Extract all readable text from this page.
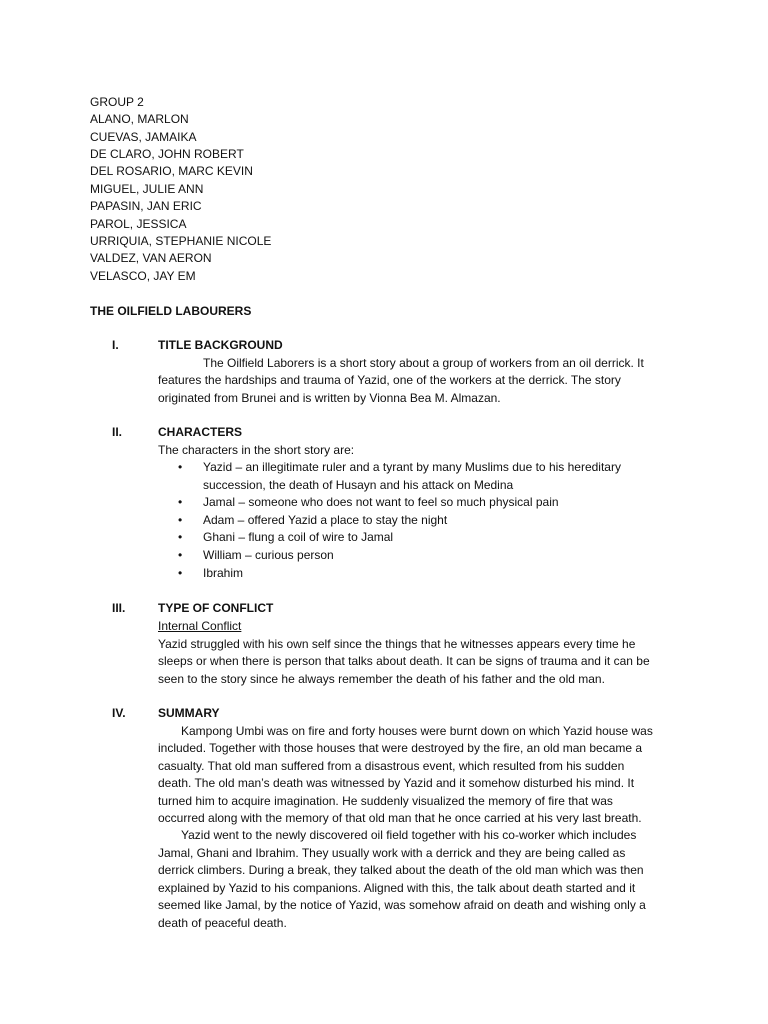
GROUP 2
ALANO, MARLON
CUEVAS, JAMAIKA
DE CLARO, JOHN ROBERT
DEL ROSARIO, MARC KEVIN
MIGUEL, JULIE ANN
PAPASIN, JAN ERIC
PAROL, JESSICA
URRIQUIA, STEPHANIE NICOLE
VALDEZ, VAN AERON
VELASCO, JAY EM
THE OILFIELD LABOURERS
I.	TITLE BACKGROUND
The Oilfield Laborers is a short story about a group of workers from an oil derrick. It
features the hardships and trauma of Yazid, one of the workers at the derrick. The story
originated from Brunei and is written by Vionna Bea M. Almazan.
II.	CHARACTERS
The characters in the short story are:
• Yazid – an illegitimate ruler and a tyrant by many Muslims due to his hereditary
succession, the death of Husayn and his attack on Medina
• Jamal – someone who does not want to feel so much physical pain
• Adam – offered Yazid a place to stay the night
• Ghani – flung a coil of wire to Jamal
• William – curious person
• Ibrahim
III.	TYPE OF CONFLICT
Internal Conflict
Yazid struggled with his own self since the things that he witnesses appears every time he
sleeps or when there is person that talks about death. It can be signs of trauma and it can be
seen to the story since he always remember the death of his father and the old man.
IV.	SUMMARY
Kampong Umbi was on fire and forty houses were burnt down on which Yazid house was
included. Together with those houses that were destroyed by the fire, an old man became a
casualty. That old man suffered from a disastrous event, which resulted from his sudden
death. The old man’s death was witnessed by Yazid and it somehow disturbed his mind. It
turned him to acquire imagination. He suddenly visualized the memory of fire that was
occurred along with the memory of that old man that he once carried at his very last breath.
Yazid went to the newly discovered oil field together with his co-worker which includes
Jamal, Ghani and Ibrahim. They usually work with a derrick and they are being called as
derrick climbers. During a break, they talked about the death of the old man which was then
explained by Yazid to his companions. Aligned with this, the talk about death started and it
seemed like Jamal, by the notice of Yazid, was somehow afraid on death and wishing only a
death of peaceful death.
